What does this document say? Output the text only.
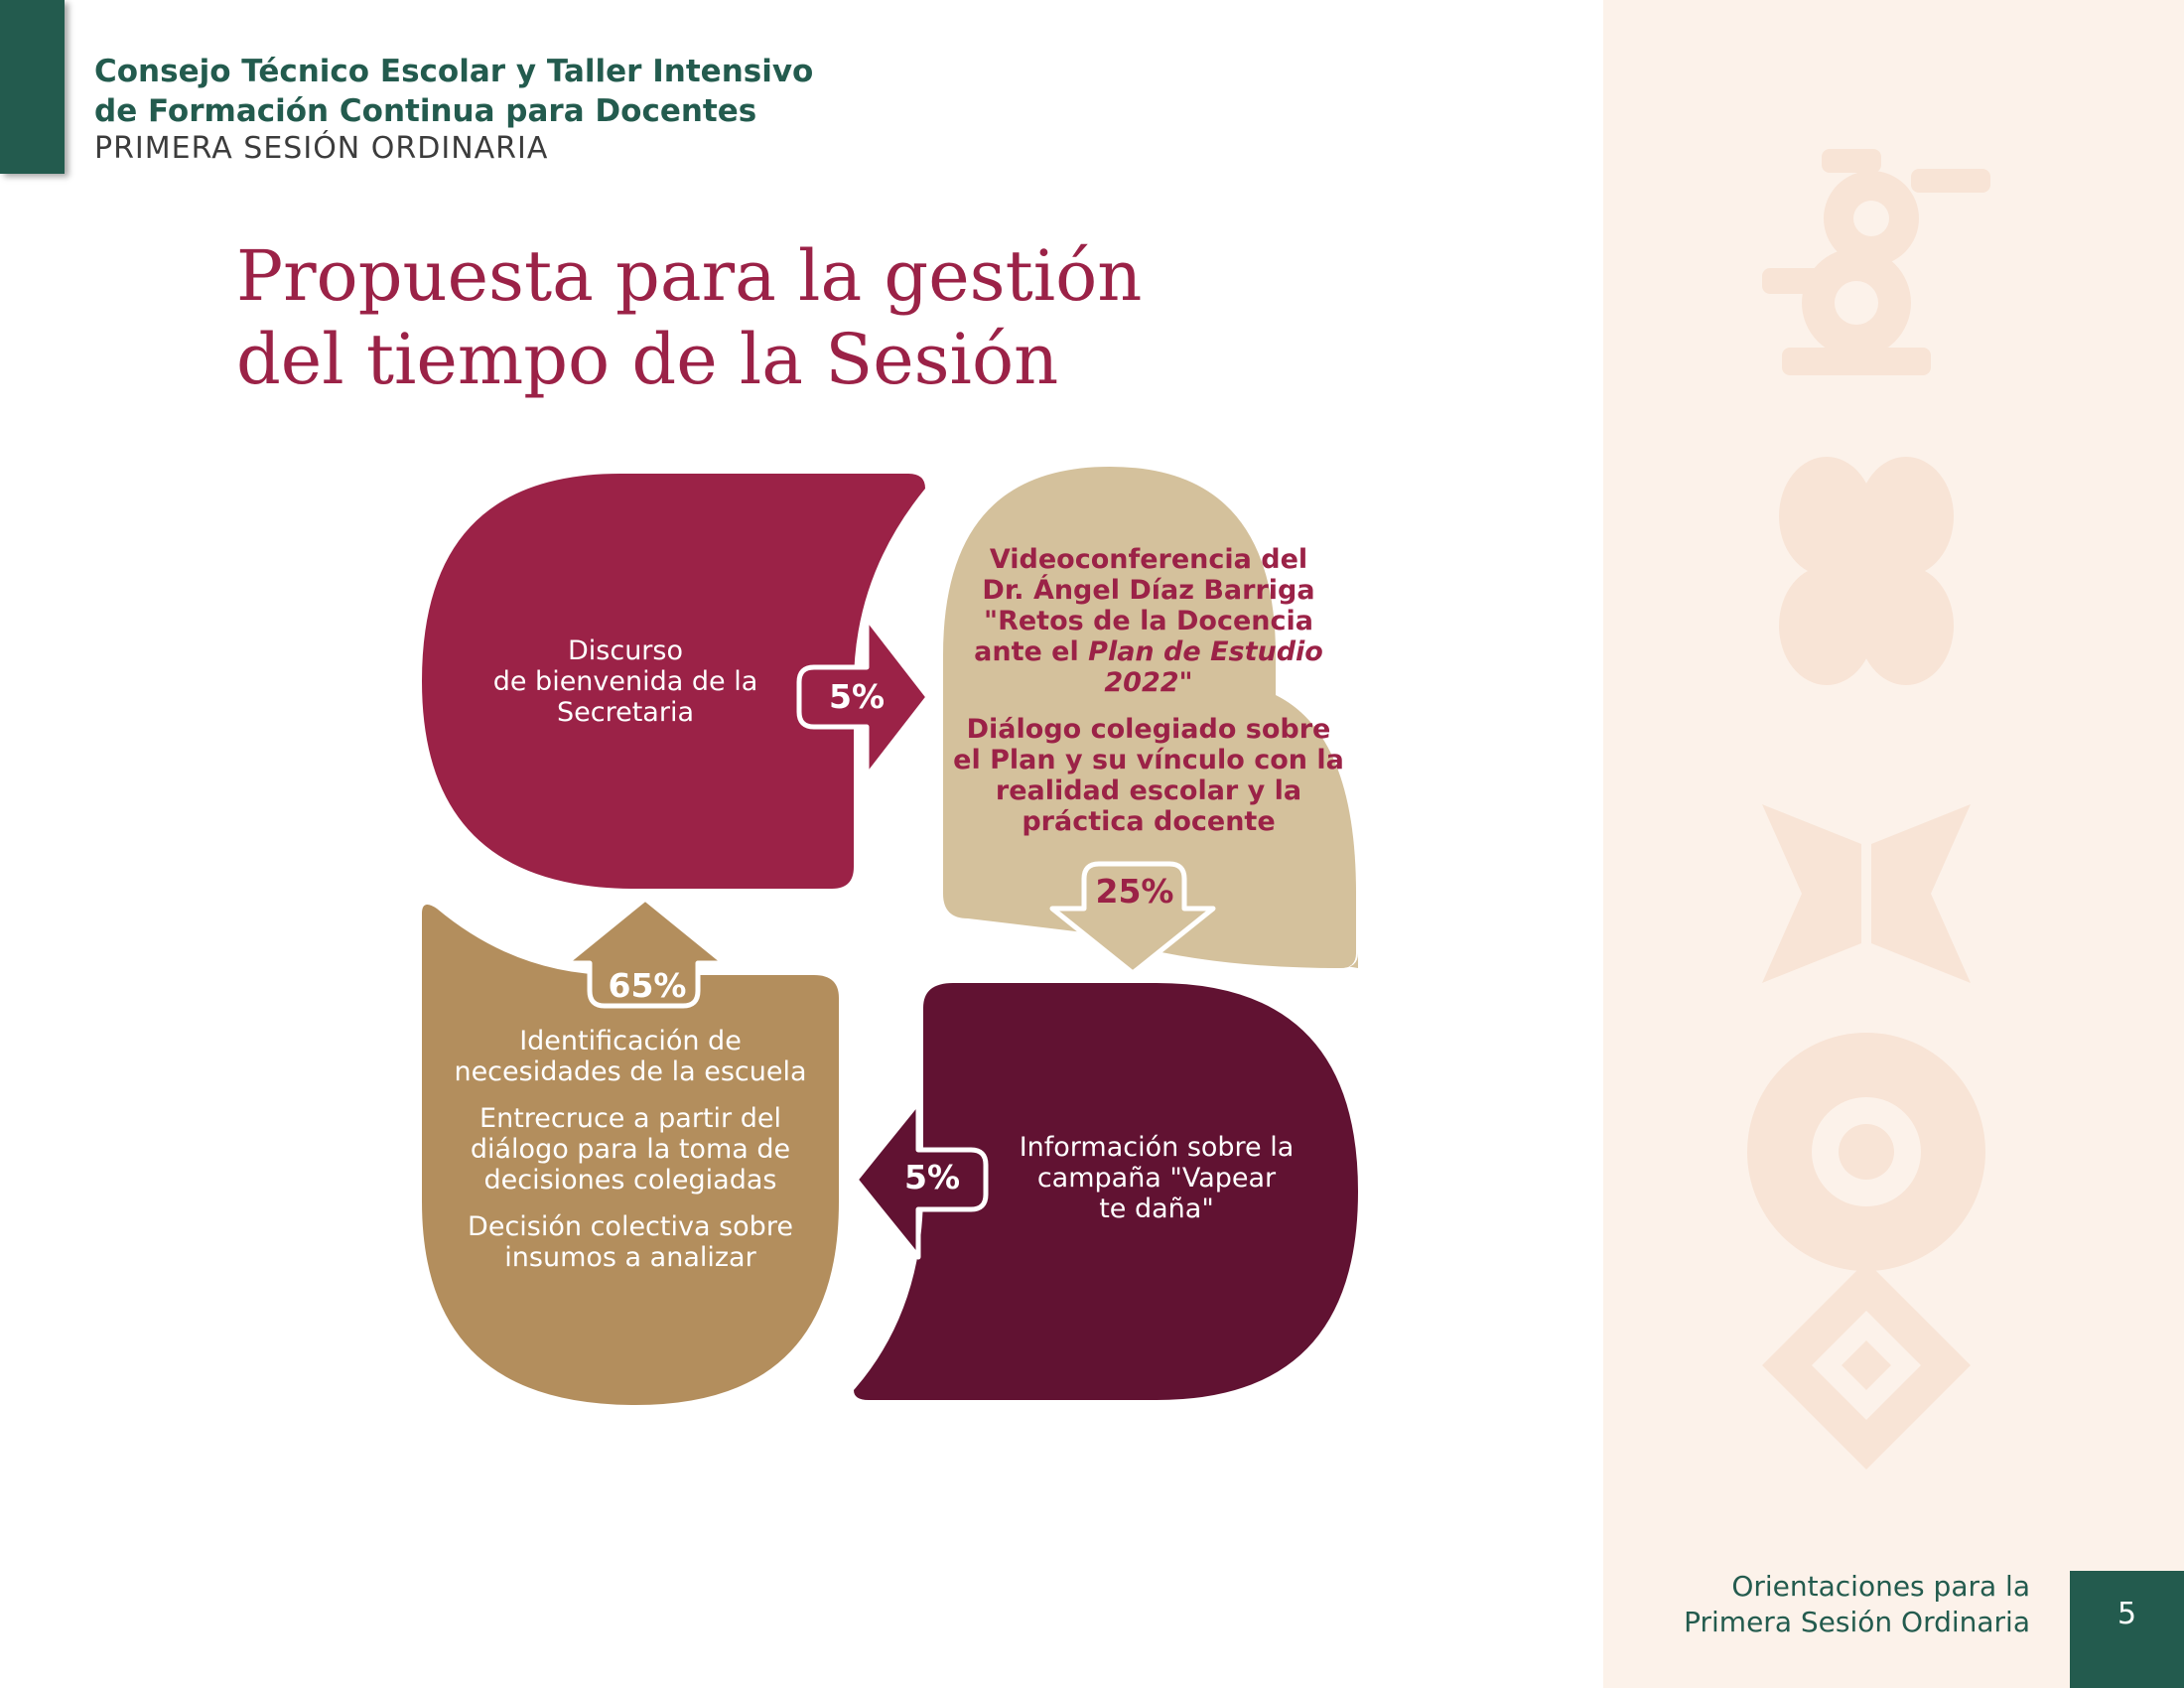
Consejo Técnico Escolar y Taller Intensivo
de Formación Continua para Docentes
PRIMERA SESIÓN ORDINARIA
Propuesta para la gestión
del tiempo de la Sesión
5%
Discurso
de bienvenida de la
Secretaria
Videoconferencia del
Dr. Ángel Díaz Barriga
"Retos de la Docencia
ante el Plan de Estudio
2022"
Diálogo colegiado sobre
el Plan y su vínculo con la
realidad escolar y la
práctica docente
25%
5%
Información sobre la
campaña "Vapear
te daña"
65%
Identificación de
necesidades de la escuela
Entrecruce a partir del
diálogo para la toma de
decisiones colegiadas
Decisión colectiva sobre
insumos a analizar
Orientaciones para la
Primera Sesión Ordinaria	5
